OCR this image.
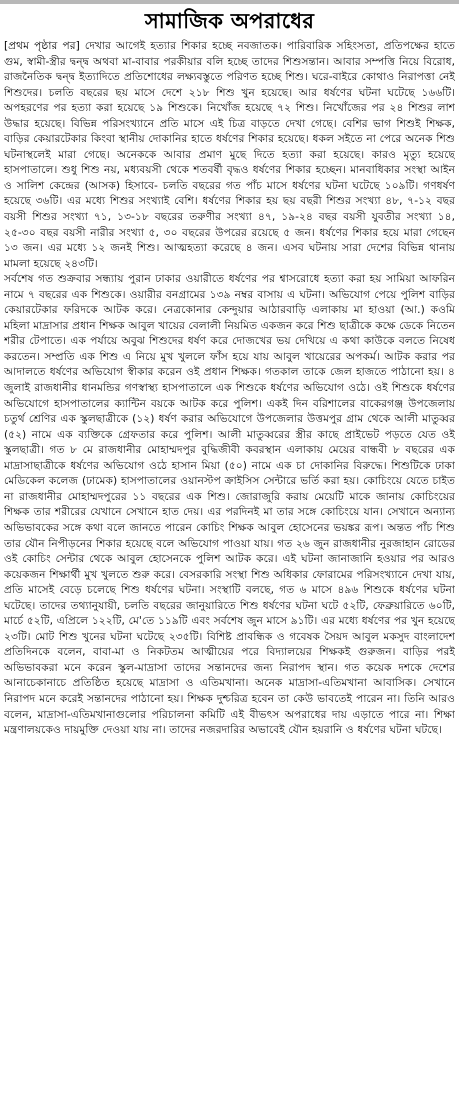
সামাজিক অপরাধের

[প্রথম পৃষ্ঠার পর] দেখার আগেই হত্যার শিকার হচ্ছে নবজাতক। পারিবারিক সহিংসতা, প্রতিপক্ষের হাতে গুম, স্বামী-স্ত্রীর দ্বন্দ্ব অথবা মা-বাবার পরকীয়ার বলি হচ্ছে তাদের শিশুসন্তান। আবার সম্পত্তি নিয়ে বিরোধ, রাজনৈতিক দ্বন্দ্ব ইত্যাদিতে প্রতিশোধের লক্ষ্যবস্তুতে পরিণত হচ্ছে শিশু। ঘরে-বাইরে কোথাও নিরাপত্তা নেই শিশুদের। চলতি বছরের ছয় মাসে দেশে ২১৮ শিশু খুন হয়েছে। আর ধর্ষণের ঘটনা ঘটেছে ১৬৬টি। অপহরণের পর হত্যা করা হয়েছে ১৯ শিশুকে। নিখোঁজ হয়েছে ৭২ শিশু। নিখোঁজের পর ২৪ শিশুর লাশ উদ্ধার হয়েছে। বিভিন্ন পরিসংখ্যানে প্রতি মাসে এই চিত্র বাড়তে দেখা গেছে। বেশির ভাগ শিশুই শিক্ষক, বাড়ির কেয়ারটেকার কিংবা স্থানীয় দোকানির হাতে ধর্ষণের শিকার হয়েছে। ধকল সইতে না পেরে অনেক শিশু ঘটনাস্থলেই মারা গেছে। অনেককে আবার প্রমাণ মুছে দিতে হত্যা করা হয়েছে। কারও মৃত্যু হয়েছে হাসপাতালে। শুধু শিশু নয়, মধ্যবয়সী থেকে শতবর্ষী বৃদ্ধও ধর্ষণের শিকার হচ্ছেন। মানবাধিকার সংস্থা আইন ও সালিশ কেন্দ্রের (আসক) হিসাবে- চলতি বছরের গত পাঁচ মাসে ধর্ষণের ঘটনা ঘটেছে ১০৯টি। গণধর্ষণ হয়েছে ৩৬টি। এর মধ্যে শিশুর সংখ্যাই বেশি। ধর্ষণের শিকার হয় ছয় বছরী শিশুর সংখ্যা ৪৮, ৭-১২ বছর বয়সী শিশুর সংখ্যা ৭১, ১৩-১৮ বছরের তরুণীর সংখ্যা ৪৭, ১৯-২৪ বছর বয়সী যুবতীর সংখ্যা ১৪, ২৫-৩০ বছর বয়সী নারীর সংখ্যা ৫, ৩০ বছরের উপরের রয়েছে ৫ জন। ধর্ষণের শিকার হয়ে মারা গেছেন ১৩ জন। এর মধ্যে ১২ জনই শিশু। আত্মহত্যা করেছে ৪ জন। এসব ঘটনায় সারা দেশের বিভিন্ন থানায় মামলা হয়েছে ২৪৩টি।

সর্বশেষ গত শুক্রবার সন্ধ্যায় পুরান ঢাকার ওয়ারীতে ধর্ষণের পর শ্বাসরোধে হত্যা করা হয় সামিয়া আফরিন নামে ৭ বছরের এক শিশুকে। ওয়ারীর বনগ্রামের ১৩৯ নম্বর বাসায় এ ঘটনা। অভিযোগ পেয়ে পুলিশ বাড়ির কেয়ারটেকার ফরিদকে আটক করে। নেত্রকোনার কেন্দুয়ার আঠারবাড়ি এলাকায় মা হাওয়া (আ.) কওমি মহিলা মাদ্রাসার প্রধান শিক্ষক আবুল খায়ের বেলালী নিয়মিত একজন করে শিশু ছাত্রীকে কক্ষে ডেকে নিতেন শরীর টেপাতে। এক পর্যায়ে অবুঝ শিশুদের ধর্ষণ করে দোজখের ভয় দেখিয়ে এ কথা কাউকে বলতে নিষেধ করতেন। সম্প্রতি এক শিশু এ নিয়ে মুখ খুললে ফাঁস হয়ে যায় আবুল খায়েরের অপকর্ম। আটক করার পর আদালতে ধর্ষণের অভিযোগ স্বীকার করেন ওই প্রধান শিক্ষক। গতকাল তাকে জেল হাজতে পাঠানো হয়। ৪ জুলাই রাজধানীর ধানমন্ডির গণস্বাস্থ্য হাসপাতালে এক শিশুকে ধর্ষণের অভিযোগ ওঠে। ওই শিশুকে ধর্ষণের অভিযোগে হাসপাতালের ক্যান্টিন বয়কে আটক করে পুলিশ। একই দিন বরিশালের বাকেরগঞ্জ উপজেলায় চতুর্থ শ্রেণির এক স্কুলছাত্রীকে (১২) ধর্ষণ করার অভিযোগে উপজেলার উত্তমপুর গ্রাম থেকে আলী মাতুব্বর (৫২) নামে এক ব্যক্তিকে গ্রেফতার করে পুলিশ। আলী মাতুব্বরের স্ত্রীর কাছে প্রাইভেট পড়তে যেত ওই স্কুলছাত্রী। গত ৮ মে রাজধানীর মোহাম্মদপুর বুদ্ধিজীবী কবরস্থান এলাকায় মেয়ের বান্ধবী ৮ বছরের এক মাদ্রাসাছাত্রীকে ধর্ষণের অভিযোগ ওঠে হাসান মিয়া (৫০) নামে এক চা দোকানির বিরুদ্ধে। শিশুটিকে ঢাকা মেডিকেল কলেজ (ঢামেক) হাসপাতালের ওয়ানস্টপ ক্রাইসিস সেন্টারে ভর্তি করা হয়। কোচিংয়ে যেতে চাইত না রাজধানীর মোহাম্মদপুরের ১১ বছরের এক শিশু। জোরাজুরি করায় মেয়েটি মাকে জানায় কোচিংয়ের শিক্ষক তার শরীরের যেখানে সেখানে হাত দেয়। এর পরদিনই মা তার সঙ্গে কোচিংয়ে যান। সেখানে অন্যান্য অভিভাবকের সঙ্গে কথা বলে জানতে পারেন কোচিং শিক্ষক আবুল হোসেনের ভয়ঙ্কর রূপ। অন্তত পাঁচ শিশু তার যৌন নিপীড়নের শিকার হয়েছে বলে অভিযোগ পাওয়া যায়। গত ২৬ জুন রাজধানীর নুরজাহান রোডের ওই কোচিং সেন্টার থেকে আবুল হোসেনকে পুলিশ আটক করে। এই ঘটনা জানাজানি হওয়ার পর আরও কয়েকজন শিক্ষার্থী মুখ খুলতে শুরু করে। বেসরকারি সংস্থা শিশু অধিকার ফোরামের পরিসংখ্যানে দেখা যায়, প্রতি মাসেই বেড়ে চলেছে শিশু ধর্ষণের ঘটনা। সংস্থাটি বলছে, গত ৬ মাসে ৪৯৬ শিশুকে ধর্ষণের ঘটনা ঘটেছে। তাদের তথ্যানুযায়ী, চলতি বছরের জানুয়ারিতে শিশু ধর্ষণের ঘটনা ঘটে ৫২টি, ফেব্রুয়ারিতে ৬০টি, মার্চে ৫২টি, এপ্রিলে ১২২টি, মে'তে ১১৯টি এবং সর্বশেষ জুন মাসে ৯১টি। এর মধ্যে ধর্ষণের পর খুন হয়েছে ২৩টি। মোট শিশু খুনের ঘটনা ঘটেছে ২৩৫টি। বিশিষ্ট প্রাবন্ধিক ও গবেষক সৈয়দ আবুল মকসুদ বাংলাদেশ প্রতিদিনকে বলেন, বাবা-মা ও নিকটতম আত্মীয়ের পরে বিদ্যালয়ের শিক্ষকই গুরুজন। বাড়ির পরই অভিভাবকরা মনে করেন স্কুল-মাদ্রাসা তাদের সন্তানদের জন্য নিরাপদ স্থান। গত কয়েক দশকে দেশের আনাচেকানাচে প্রতিষ্ঠিত হয়েছে মাদ্রাসা ও এতিমখানা। অনেক মাদ্রাসা-এতিমখানা আবাসিক। সেখানে নিরাপদ মনে করেই সন্তানদের পাঠানো হয়। শিক্ষক দুশ্চরিত্র হবেন তা কেউ ভাবতেই পারেন না। তিনি আরও বলেন, মাদ্রাসা-এতিমখানাগুলোর পরিচালনা কমিটি এই বীভৎস অপরাধের দায় এড়াতে পারে না। শিক্ষা মন্ত্রণালয়কেও দায়মুক্তি দেওয়া যায় না। তাদের নজরদারির অভাবেই যৌন হয়রানি ও ধর্ষণের ঘটনা ঘটছে।
